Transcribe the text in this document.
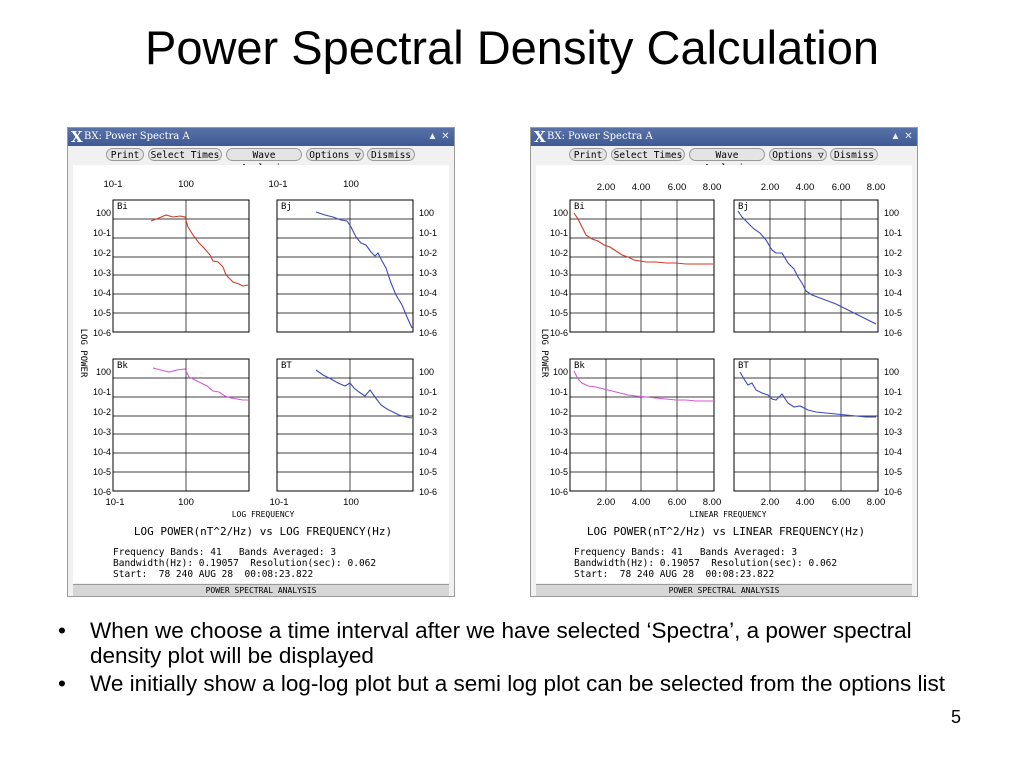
Power Spectral Density Calculation
X BX: Power Spectra A	▲ ✕
Print	Select Times	Wave	Options ▽	Dismiss
10-1	100	10-1	100
100
10-1
10-2
10-3
10-4
10-5
10-6
100
10-1
10-2
10-3
10-4
10-5
10-6
100
10-1
10-2
10-3
10-4
10-5
10-6
100
10-1
10-2
10-3
10-4
10-5
10-6
LOG POWER
Bi	Bj
Bk	BT
10-1	100	10-1	100
LOG FREQUENCY
LOG POWER(nT^2/Hz) vs LOG FREQUENCY(Hz)
Frequency Bands: 41   Bands Averaged: 3
Bandwidth(Hz): 0.19057  Resolution(sec): 0.062
Start:  78 240 AUG 28  00:08:23.822
POWER SPECTRAL ANALYSIS
X BX: Power Spectra A	▲ ✕
Print	Select Times	Wave	Options ▽	Dismiss
2.00 4.00 6.00 8.00	2.00 4.00 6.00 8.00
100
10-1
10-2
10-3
10-4
10-5
10-6
100
10-1
10-2
10-3
10-4
10-5
10-6
100
10-1
10-2
10-3
10-4
10-5
10-6
100
10-1
10-2
10-3
10-4
10-5
10-6
LOG POWER
Bi	Bj
Bk	BT
2.00 4.00 6.00 8.00	2.00 4.00 6.00 8.00
LINEAR FREQUENCY
LOG POWER(nT^2/Hz) vs LINEAR FREQUENCY(Hz)
Frequency Bands: 41   Bands Averaged: 3
Bandwidth(Hz): 0.19057  Resolution(sec): 0.062
Start:  78 240 AUG 28  00:08:23.822
POWER SPECTRAL ANALYSIS
• When we choose a time interval after we have selected ‘Spectra’, a power spectral density plot will be displayed
• We initially show a log-log plot but a semi log plot can be selected from the options list
5
